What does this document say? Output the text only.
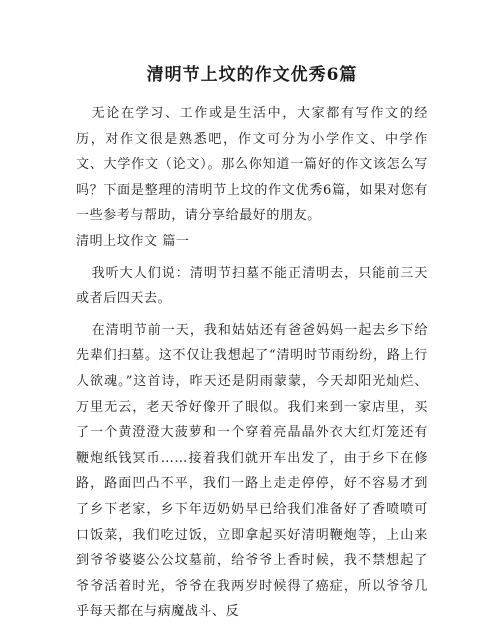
清明节上坟的作文优秀6篇

无论在学习、工作或是生活中，大家都有写作文的经历，对作文很是熟悉吧，作文可分为小学作文、中学作文、大学作文（论文）。那么你知道一篇好的作文该怎么写吗？下面是整理的清明节上坟的作文优秀6篇，如果对您有一些参考与帮助，请分享给最好的朋友。

清明上坟作文 篇一

我听大人们说：清明节扫墓不能正清明去，只能前三天或者后四天去。

在清明节前一天，我和姑姑还有爸爸妈妈一起去乡下给先辈们扫墓。这不仅让我想起了“清明时节雨纷纷，路上行人欲魂。”这首诗，昨天还是阴雨蒙蒙，今天却阳光灿烂、万里无云，老天爷好像开了眼似。我们来到一家店里，买了一个黄澄澄大菠萝和一个穿着亮晶晶外衣大红灯笼还有鞭炮纸钱冥币……接着我们就开车出发了，由于乡下在修路，路面凹凸不平，我们一路上走走停停，好不容易才到了乡下老家，乡下年迈奶奶早已给我们准备好了香喷喷可口饭菜，我们吃过饭，立即拿起买好清明鞭炮等，上山来到爷爷婆婆公公坟墓前，给爷爷上香时候，我不禁想起了爷爷活着时光，爷爷在我两岁时候得了癌症，所以爷爷几乎每天都在与病魔战斗、反
